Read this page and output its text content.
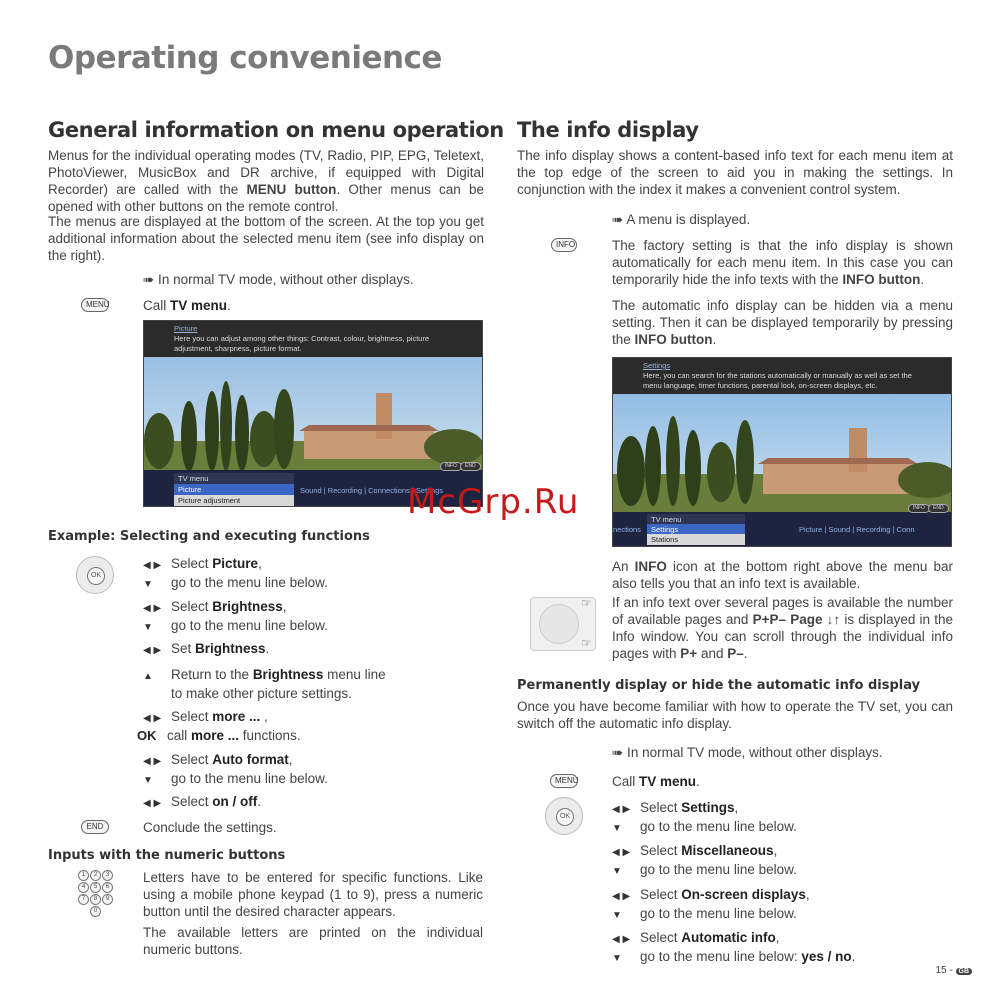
Operating convenience
General information on menu operation
Menus for the individual operating modes (TV, Radio, PIP, EPG, Teletext, PhotoViewer, MusicBox and DR archive, if equipped with Digital Recorder) are called with the MENU button. Other menus can be opened with other buttons on the remote control.
The menus are displayed at the bottom of the screen. At the top you get additional information about the selected menu item (see info display on the right).
➠ In normal TV mode, without other displays.
MENU Call TV menu.
Picture
Here you can adjust among other things: Contrast, colour, brightness, picture adjustment, sharpness, picture format.
TV menu
Picture
Picture adjustment
Sound | Recording | Connections | Settings
INFO	END
Example: Selecting and executing functions
OK
◀ ▶ Select Picture,
▼ go to the menu line below.
◀ ▶ Select Brightness,
▼ go to the menu line below.
◀ ▶ Set Brightness.
▲ Return to the Brightness menu line
to make other picture settings.
◀ ▶ Select more ... ,
OK call more ... functions.
◀ ▶ Select Auto format,
▼ go to the menu line below.
◀ ▶ Select on / off.
END	Conclude the settings.
Inputs with the numeric buttons
1	2	3
4	5	6
7	8	9
0
Letters have to be entered for specific functions. Like using a mobile phone keypad (1 to 9), press a numeric button until the desired character appears.
The available letters are printed on the individual numeric buttons.
The info display
The info display shows a content-based info text for each menu item at the top edge of the screen to aid you in making the settings. In conjunction with the index it makes a convenient control system.
➠ A menu is displayed.
INFO	The factory setting is that the info display is shown automatically for each menu item. In this case you can temporarily hide the info texts with the INFO button.
The automatic info display can be hidden via a menu setting. Then it can be displayed temporarily by pressing the INFO button.
Settings
Here, you can search for the stations automatically or manually as well as set the menu language, timer functions, parental lock, on-screen displays, etc.
TV menu
Settings
Stations
nections	Picture | Sound | Recording | Conn
INFO	END
An INFO icon at the bottom right above the menu bar also tells you that an info text is available.
☞
☞
If an info text over several pages is available the number of available pages and P+P– Page ↓↑ is displayed in the Info window. You can scroll through the individual info pages with P+ and P–.
Permanently display or hide the automatic info display
Once you have become familiar with how to operate the TV set, you can switch off the automatic info display.
➠ In normal TV mode, without other displays.
MENU Call TV menu.
OK
◀ ▶ Select Settings,
▼ go to the menu line below.
◀ ▶ Select Miscellaneous,
▼ go to the menu line below.
◀ ▶ Select On-screen displays,
▼ go to the menu line below.
◀ ▶ Select Automatic info,
▼ go to the menu line below: yes / no.
McGrp.Ru
15 - GB
